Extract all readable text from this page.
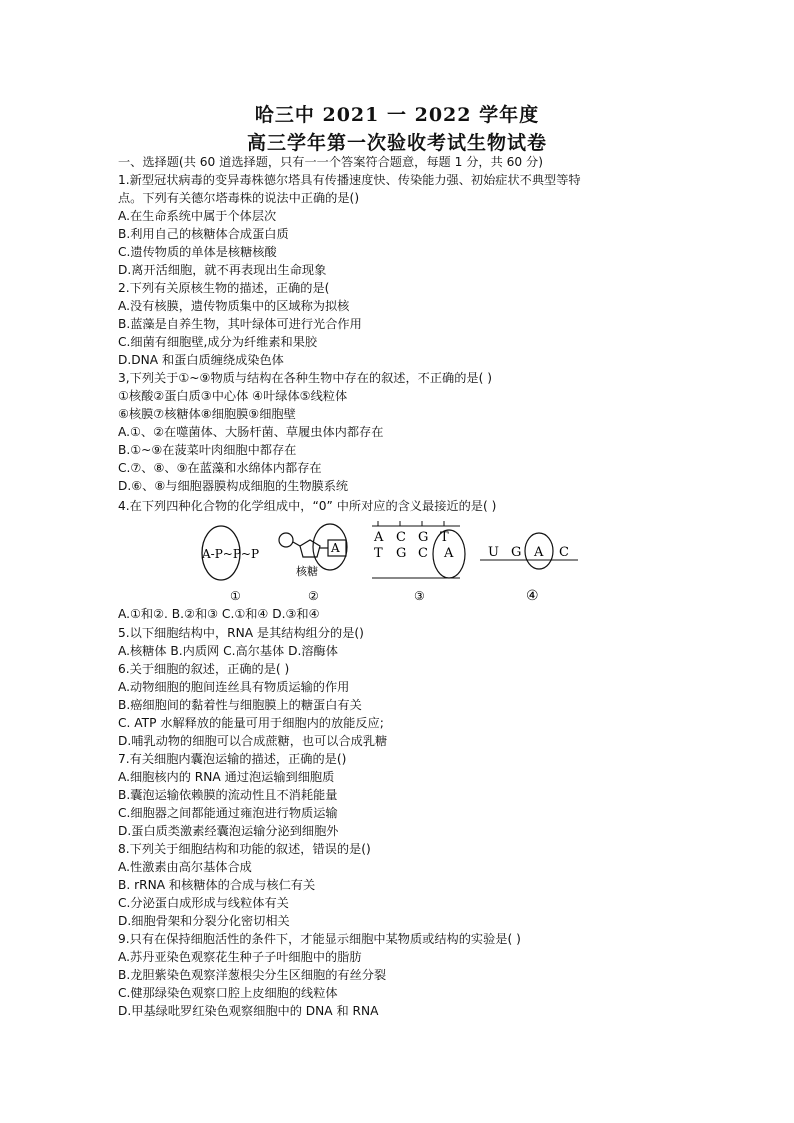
哈三中 2021 一 2022 学年度
高三学年第一次验收考试生物试卷
一、选择题(共 60 道选择题，只有一一个答案符合题意，每题 1 分，共 60 分)
1.新型冠状病毒的变异毒株德尔塔具有传播速度快、传染能力强、初始症状不典型等特
点。下列有关德尔塔毒株的说法中正确的是()
A.在生命系统中属于个体层次
B.利用自己的核糖体合成蛋白质
C.遗传物质的单体是核糖核酸
D.离开活细胞，就不再表现出生命现象
2.下列有关原核生物的描述，正确的是(
A.没有核膜，遗传物质集中的区域称为拟核
B.蓝藻是自养生物，其叶绿体可进行光合作用
C.细菌有细胞壁,成分为纤维素和果胶
D.DNA 和蛋白质缠绕成染色体
3,下列关于①~⑨物质与结构在各种生物中存在的叙述，不正确的是( )
①核酸②蛋白质③中心体 ④叶绿体⑤线粒体
⑥核膜⑦核糖体⑧细胞膜⑨细胞壁
A.①、②在噬菌体、大肠杆菌、草履虫体内都存在
B.①~⑨在菠菜叶肉细胞中都存在
C.⑦、⑧、⑨在蓝藻和水绵体内都存在
D.⑥、⑧与细胞器膜构成细胞的生物膜系统
4.在下列四种化合物的化学组成中，“0” 中所对应的含义最接近的是( )
A-P~P~P
①
A
核糖
②
A C G T
T G C A
③
U G A C
④
A.①和②. B.②和③ C.①和④ D.③和④
5.以下细胞结构中，RNA 是其结构组分的是()
A.核糖体 B.内质网 C.高尔基体 D.溶酶体
6.关于细胞的叙述，正确的是( )
A.动物细胞的胞间连丝具有物质运输的作用
B.癌细胞间的黏着性与细胞膜上的糖蛋白有关
C. ATP 水解释放的能量可用于细胞内的放能反应;
D.哺乳动物的细胞可以合成蔗糖，也可以合成乳糖
7.有关细胞内囊泡运输的描述，正确的是()
A.细胞核内的 RNA 通过泡运输到细胞质
B.囊泡运输依赖膜的流动性且不消耗能量
C.细胞器之间都能通过雍泡进行物质运输
D.蛋白质类激素经囊泡运输分泌到细胞外
8.下列关于细胞结构和功能的叙述，错误的是()
A.性激素由高尔基体合成
B. rRNA 和核糖体的合成与核仁有关
C.分泌蛋白成形成与线粒体有关
D.细胞骨架和分裂分化密切相关
9.只有在保持细胞活性的条件下，才能显示细胞中某物质或结构的实验是( )
A.苏丹亚染色观察花生种子子叶细胞中的脂肪
B.龙胆紫染色观察洋葱根尖分生区细胞的有丝分裂
C.健那绿染色观察口腔上皮细胞的线粒体
D.甲基绿吡罗红染色观察细胞中的 DNA 和 RNA
